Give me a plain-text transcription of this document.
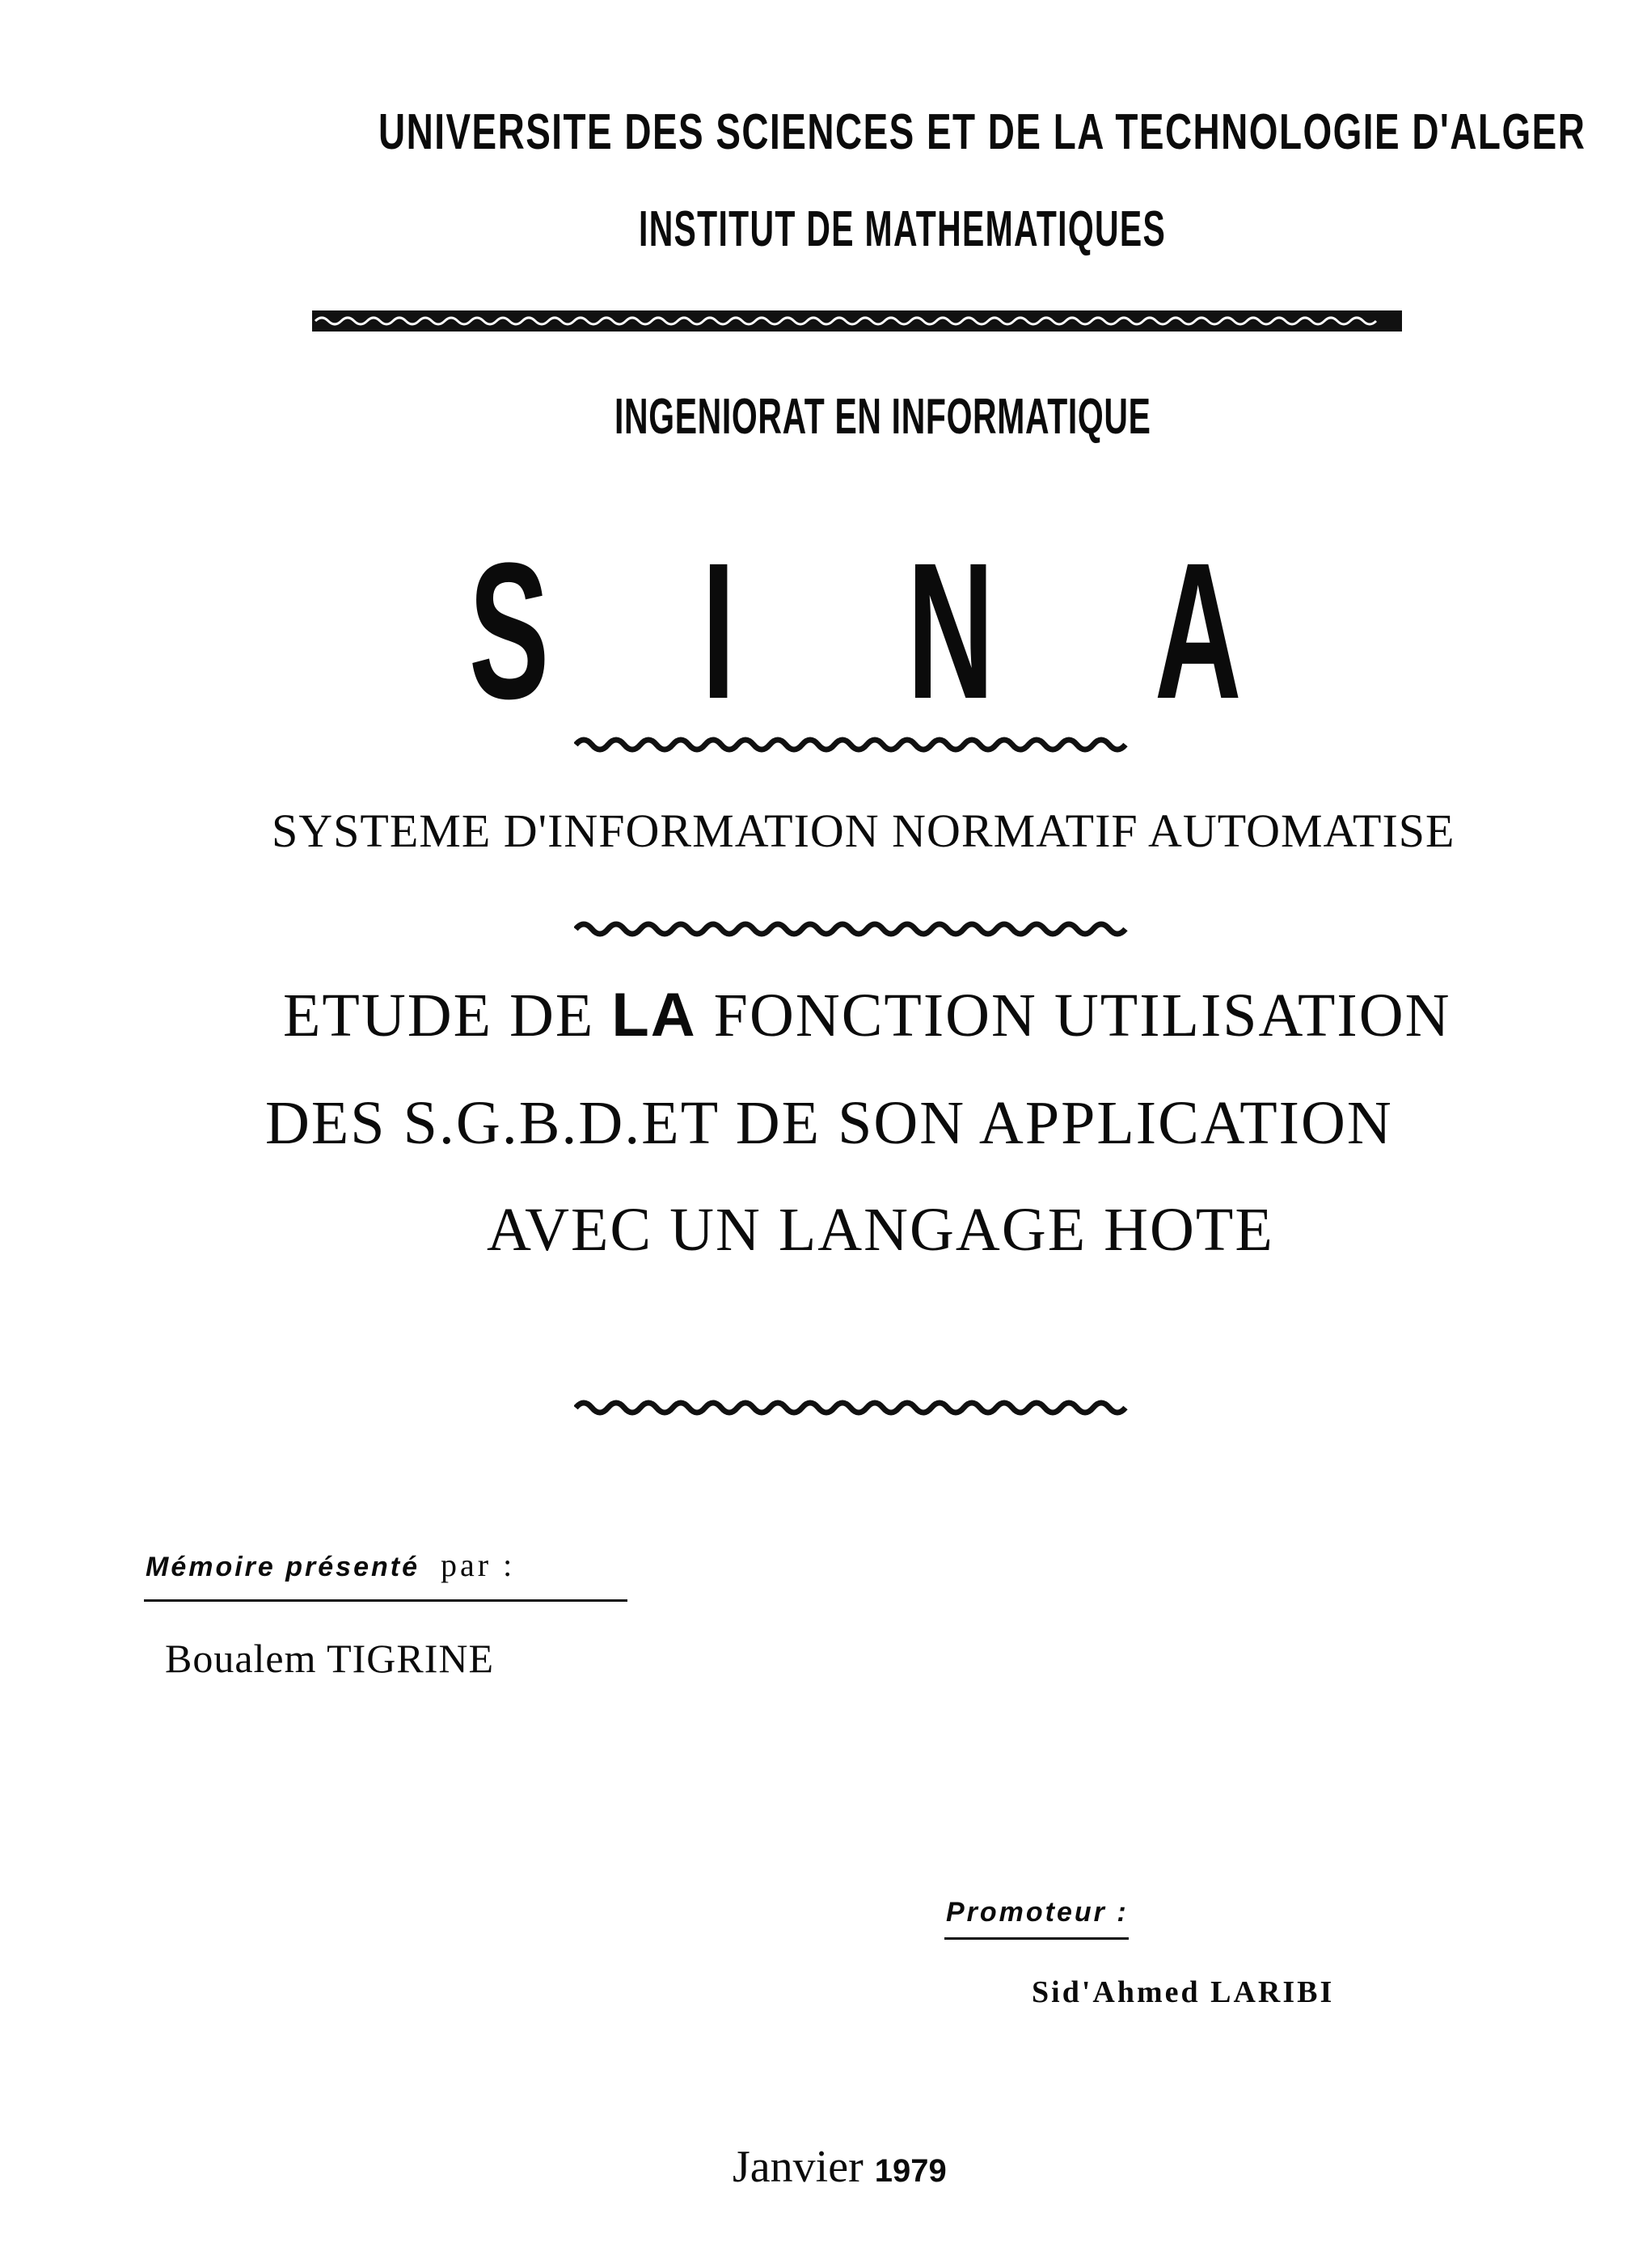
UNIVERSITE DES SCIENCES ET DE LA TECHNOLOGIE D'ALGER
INSTITUT DE MATHEMATIQUES
INGENIORAT EN INFORMATIQUE
S I N A
SYSTEME D'INFORMATION NORMATIF AUTOMATISE
ETUDE DE LA FONCTION UTILISATION
DES S.G.B.D.ET DE SON APPLICATION
AVEC UN LANGAGE HOTE
Mémoire présenté par :
Boualem TIGRINE
Promoteur :
Sid'Ahmed LARIBI
Janvier 1979
